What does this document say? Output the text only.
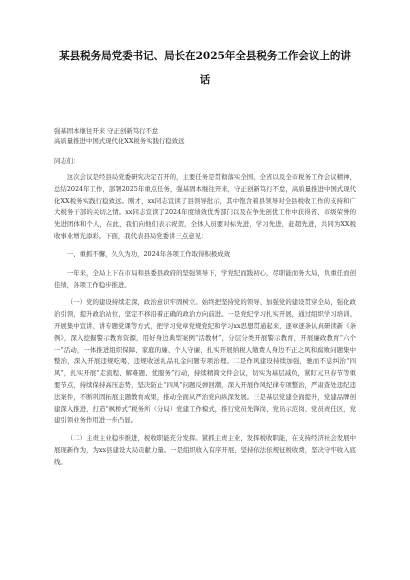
某县税务局党委书记、局长在2025年全县税务工作会议上的讲话
强基固本继往开来 守正创新笃行不怠
高质量推进中国式现代化XX税务实践行稳致远
同志们：

这次会议是经县局党委研究决定召开的，主要任务是贯彻落实全国、全省以及全市税务工作会议精神，总结2024年工作，部署2025年重点任务，强基固本继往开来，守正创新笃行不怠，高质量推进中国式现代化XX税务实践行稳致远。刚才，xx同志宣读了县领导批示，其中饱含着县领导对全县税收工作的支持和广大税务干部的关切之情。xx同志宣读了2024年度绩效优秀部门以及在争先创优工作中获得省、市级荣誉的先进团体和个人，在此，我们向他们表示祝贺，全体人员要对标先进，学习先进，赶超先进，共同为XX税收事业增光添彩。下面，我代表县局党委讲三点意见：

一、重抓不懈，久久为功，2024年各项工作取得积极成效

一年来，全局上下在市局和县委县政府的坚强领导下，学党纪而践初心，尽职能而务大局，负重任而创佳绩，各项工作稳步推进。

（一）党的建设持续走深，政治意识牢固树立。始终把坚持党的领导、加强党的建设贯穿全局，强化政治引领，提升政治站位，坚定不移沿着正确的政治方向前进。一是党纪学习扎实开展，通过组织学习培训、开展集中宣讲、讲专题党课等方式，把学习党章党规党纪和学习xx思想贯通起来，逐章逐条认真研读新《条例》，深入挖掘警示教育资源，用好身边典型案例“活教材”，分层分类开展警示教育，开展廉政教育“六个一”活动，一体推进组织保障、家庭的廉、个人守廉，扎实开展纳税人缴费人身边不正之风和腐败问题集中整治，深入开展违规吃喝、违规收送礼品礼金问题专项治理。二是作风建设持续加强，驰而不息纠治“四风”，扎实开展“走流程、解难题、优服务”行动，持续精简文件会议，切实为基层减负，紧盯元旦春节等重要节点，持续保持高压态势，坚决防止“四风”问题反弹回潮，深入开展作风纪律专项整治，严肃查处违纪违法案件，不断巩固拓展主题教育成果，推动全面从严治党向纵深发展。三是基层党建全面提升，党建品牌创建深入推进，打造“枫桥式”税务所（分局）党建工作模式，推行党员先锋岗、党员示范岗、党员责任区，党建引领业务作用进一步凸显。

（二）主责主业稳步推进，税收职能充分发挥。紧抓主责主业，发挥税收职能，在支持经济社会发展中展现新作为，为xx县建设大局贡献力量。一是组织收入有序开展，坚持依法依规征税收费，坚决守牢收入底线。
